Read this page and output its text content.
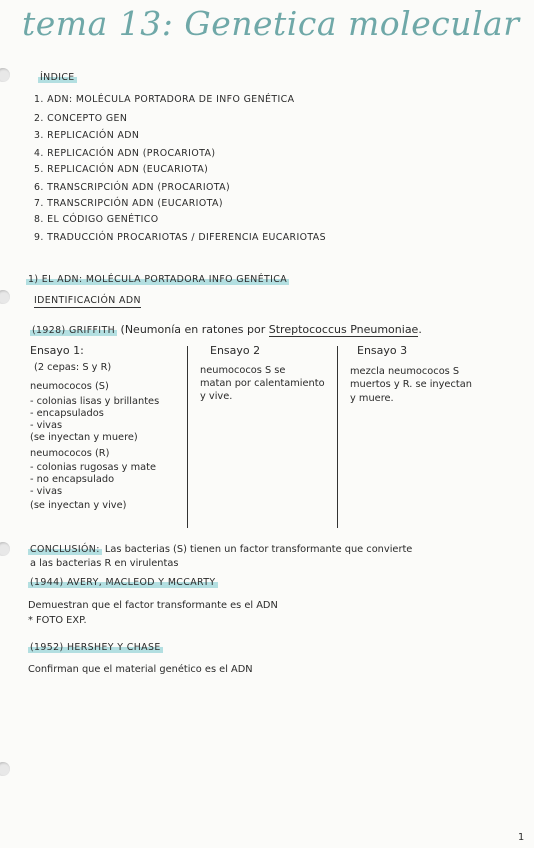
tema 13: Genetica molecular
ÍNDICE
1. ADN: MOLÉCULA PORTADORA DE INFO GENÉTICA
2. CONCEPTO GEN
3. REPLICACIÓN ADN
4. REPLICACIÓN ADN (PROCARIOTA)
5. REPLICACIÓN ADN (EUCARIOTA)
6. TRANSCRIPCIÓN ADN (PROCARIOTA)
7. TRANSCRIPCIÓN ADN (EUCARIOTA)
8. EL CÓDIGO GENÉTICO
9. TRADUCCIÓN PROCARIOTAS / DIFERENCIA EUCARIOTAS
1) EL ADN: MOLÉCULA PORTADORA INFO GENÉTICA
IDENTIFICACIÓN ADN
(1928) GRIFFITH (Neumonía en ratones por Streptococcus Pneumoniae.
Ensayo 1:
(2 cepas: S y R)
neumococos (S)
- colonias lisas y brillantes
- encapsulados
- vivas
(se inyectan y muere)
neumococos (R)
- colonias rugosas y mate
- no encapsulado
- vivas
(se inyectan y vive)
Ensayo 2
neumococos S se
matan por calentamiento
y vive.
Ensayo 3
mezcla neumococos S
muertos y R. se inyectan
y muere.
CONCLUSIÓN: Las bacterias (S) tienen un factor transformante que convierte
a las bacterias R en virulentas
(1944) AVERY, MACLEOD Y MCCARTY
Demuestran que el factor transformante es el ADN
* FOTO EXP.
(1952) HERSHEY Y CHASE
Confirman que el material genético es el ADN
1
